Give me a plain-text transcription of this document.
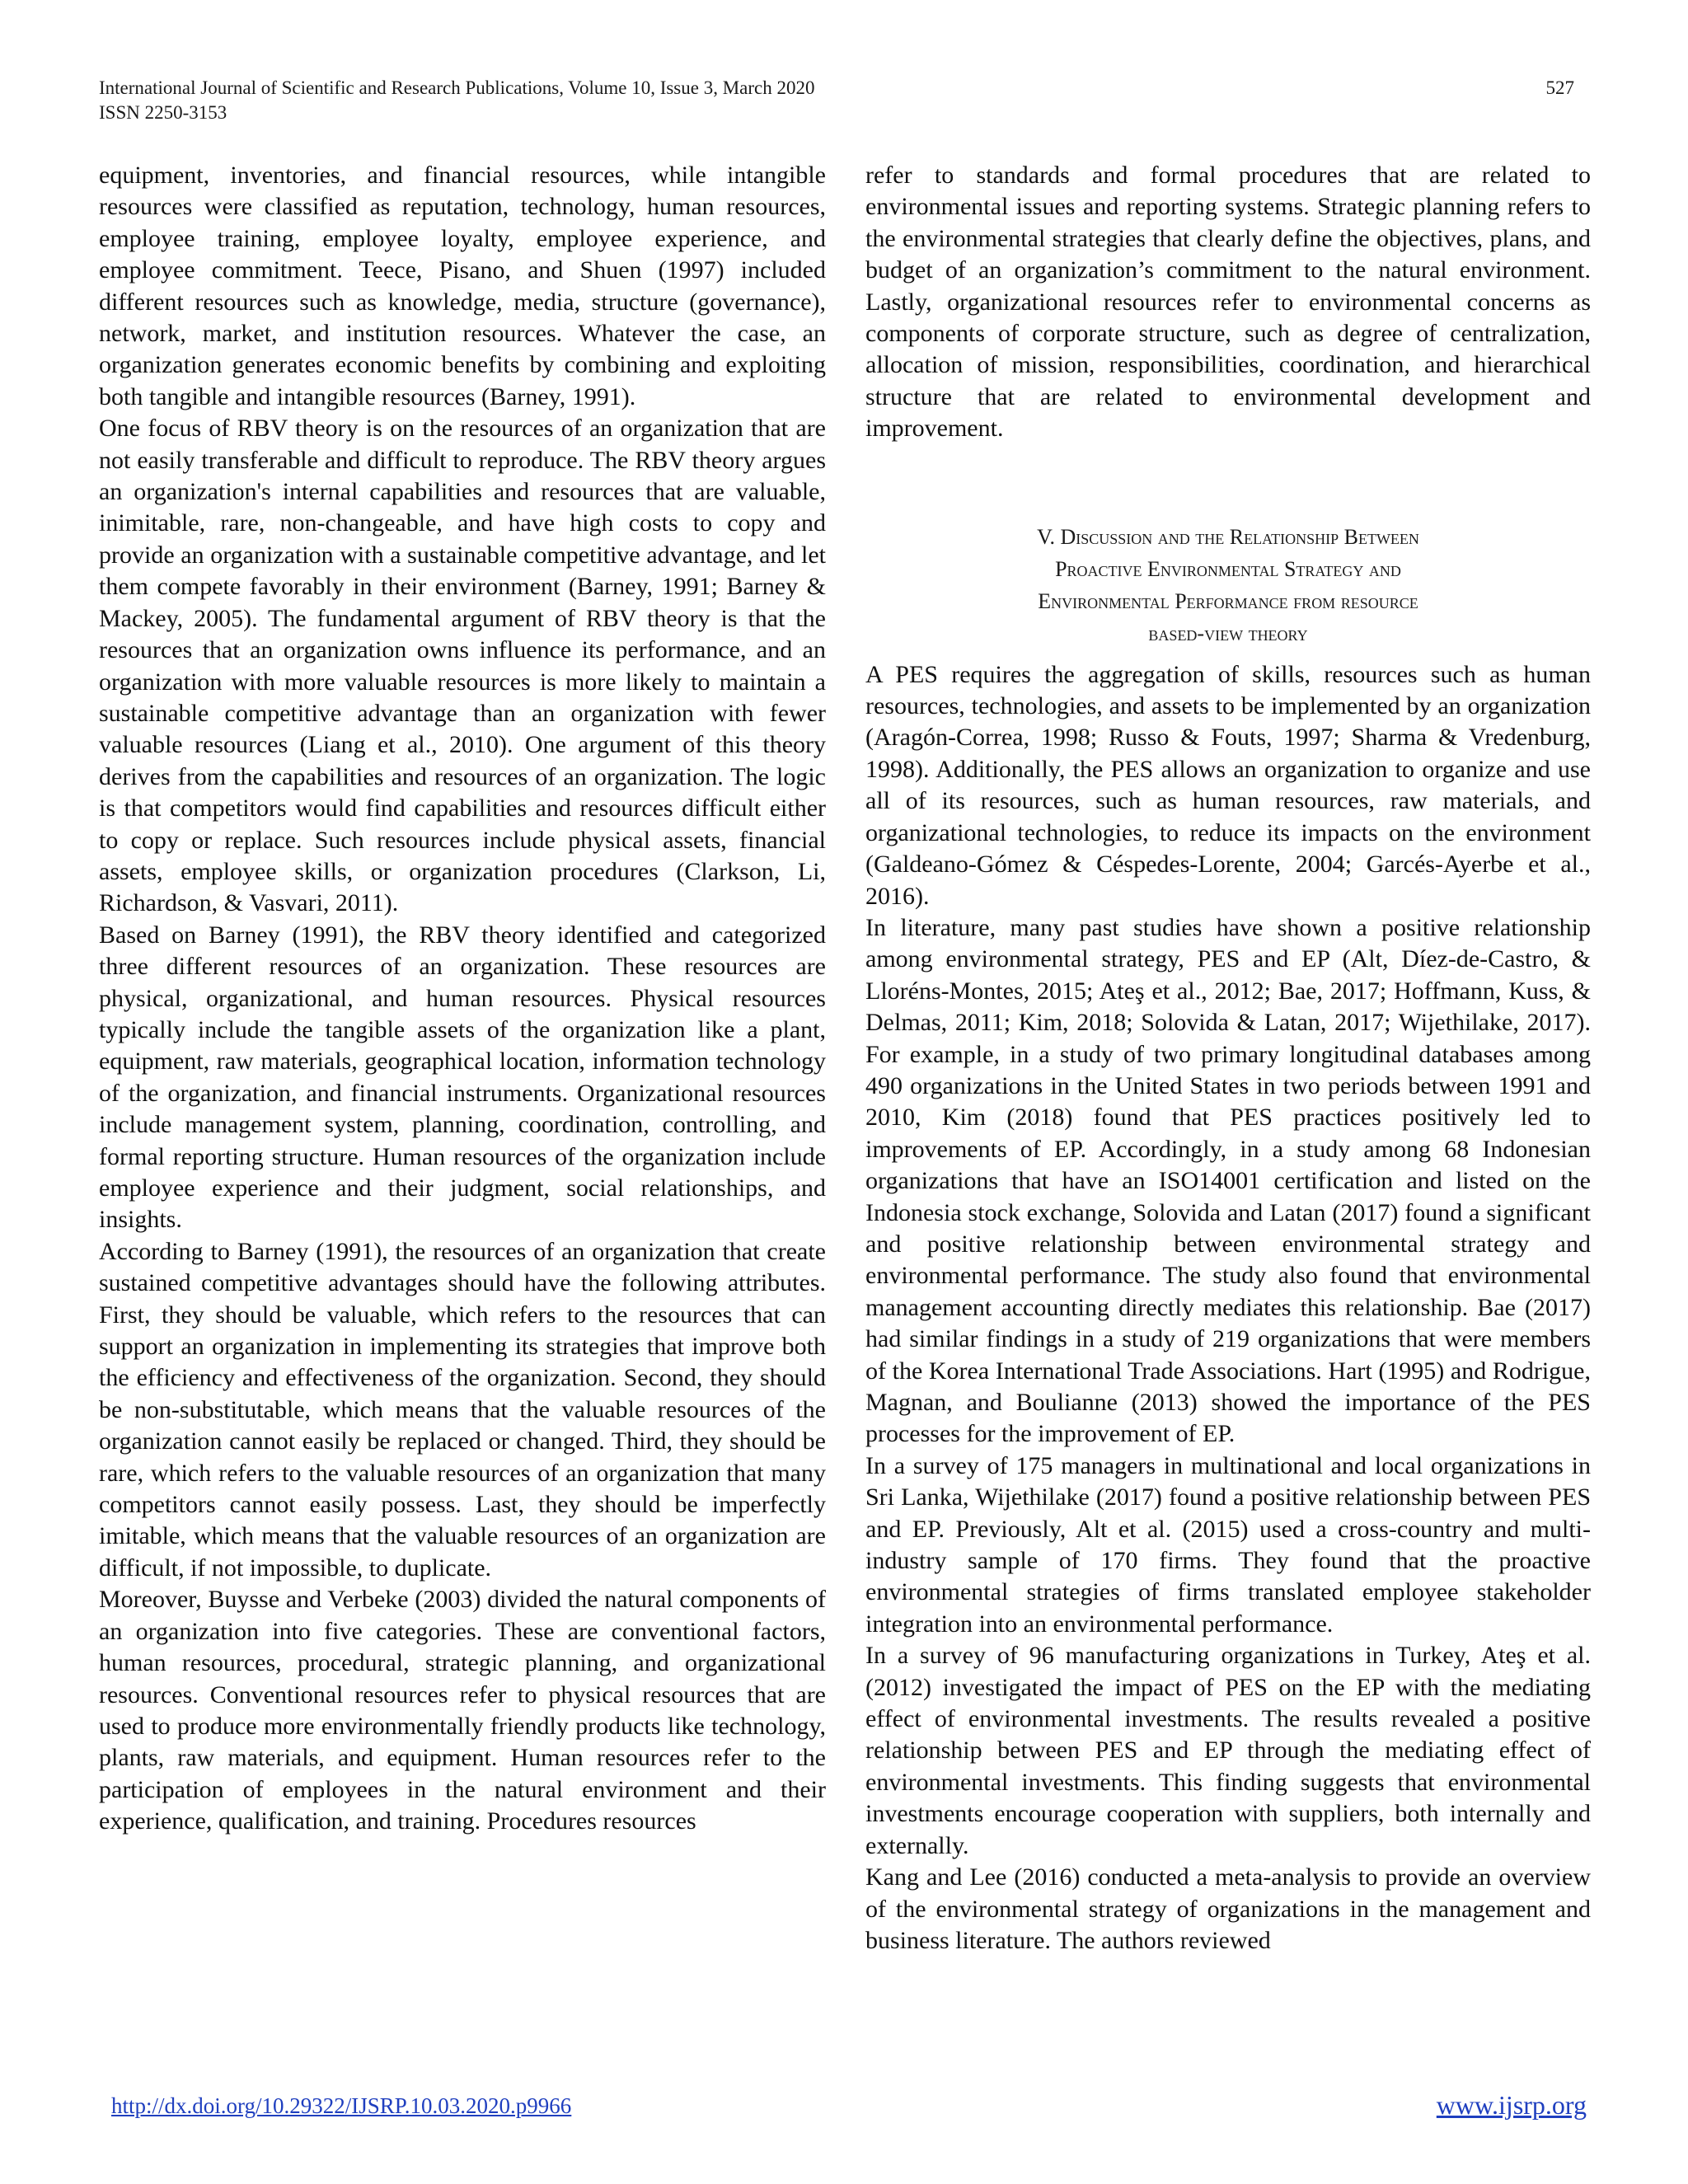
International Journal of Scientific and Research Publications, Volume 10, Issue 3, March 2020
ISSN 2250-3153
527

equipment, inventories, and financial resources, while intangible resources were classified as reputation, technology, human resources, employee training, employee loyalty, employee experience, and employee commitment. Teece, Pisano, and Shuen (1997) included different resources such as knowledge, media, structure (governance), network, market, and institution resources. Whatever the case, an organization generates economic benefits by combining and exploiting both tangible and intangible resources (Barney, 1991).

One focus of RBV theory is on the resources of an organization that are not easily transferable and difficult to reproduce. The RBV theory argues an organization's internal capabilities and resources that are valuable, inimitable, rare, non-changeable, and have high costs to copy and provide an organization with a sustainable competitive advantage, and let them compete favorably in their environment (Barney, 1991; Barney & Mackey, 2005). The fundamental argument of RBV theory is that the resources that an organization owns influence its performance, and an organization with more valuable resources is more likely to maintain a sustainable competitive advantage than an organization with fewer valuable resources (Liang et al., 2010). One argument of this theory derives from the capabilities and resources of an organization. The logic is that competitors would find capabilities and resources difficult either to copy or replace. Such resources include physical assets, financial assets, employee skills, or organization procedures (Clarkson, Li, Richardson, & Vasvari, 2011).

Based on Barney (1991), the RBV theory identified and categorized three different resources of an organization. These resources are physical, organizational, and human resources. Physical resources typically include the tangible assets of the organization like a plant, equipment, raw materials, geographical location, information technology of the organization, and financial instruments. Organizational resources include management system, planning, coordination, controlling, and formal reporting structure. Human resources of the organization include employee experience and their judgment, social relationships, and insights.

According to Barney (1991), the resources of an organization that create sustained competitive advantages should have the following attributes. First, they should be valuable, which refers to the resources that can support an organization in implementing its strategies that improve both the efficiency and effectiveness of the organization. Second, they should be non-substitutable, which means that the valuable resources of the organization cannot easily be replaced or changed. Third, they should be rare, which refers to the valuable resources of an organization that many competitors cannot easily possess. Last, they should be imperfectly imitable, which means that the valuable resources of an organization are difficult, if not impossible, to duplicate.

Moreover, Buysse and Verbeke (2003) divided the natural components of an organization into five categories. These are conventional factors, human resources, procedural, strategic planning, and organizational resources. Conventional resources refer to physical resources that are used to produce more environmentally friendly products like technology, plants, raw materials, and equipment. Human resources refer to the participation of employees in the natural environment and their experience, qualification, and training. Procedures resources

refer to standards and formal procedures that are related to environmental issues and reporting systems. Strategic planning refers to the environmental strategies that clearly define the objectives, plans, and budget of an organization’s commitment to the natural environment. Lastly, organizational resources refer to environmental concerns as components of corporate structure, such as degree of centralization, allocation of mission, responsibilities, coordination, and hierarchical structure that are related to environmental development and improvement.

V. Discussion and the Relationship Between
Proactive Environmental Strategy and
Environmental Performance from resource
based-view theory

A PES requires the aggregation of skills, resources such as human resources, technologies, and assets to be implemented by an organization (Aragón-Correa, 1998; Russo & Fouts, 1997; Sharma & Vredenburg, 1998). Additionally, the PES allows an organization to organize and use all of its resources, such as human resources, raw materials, and organizational technologies, to reduce its impacts on the environment (Galdeano-Gómez & Céspedes-Lorente, 2004; Garcés-Ayerbe et al., 2016).

In literature, many past studies have shown a positive relationship among environmental strategy, PES and EP (Alt, Díez-de-Castro, & Lloréns-Montes, 2015; Ateş et al., 2012; Bae, 2017; Hoffmann, Kuss, & Delmas, 2011; Kim, 2018; Solovida & Latan, 2017; Wijethilake, 2017). For example, in a study of two primary longitudinal databases among 490 organizations in the United States in two periods between 1991 and 2010, Kim (2018) found that PES practices positively led to improvements of EP. Accordingly, in a study among 68 Indonesian organizations that have an ISO14001 certification and listed on the Indonesia stock exchange, Solovida and Latan (2017) found a significant and positive relationship between environmental strategy and environmental performance. The study also found that environmental management accounting directly mediates this relationship. Bae (2017) had similar findings in a study of 219 organizations that were members of the Korea International Trade Associations. Hart (1995) and Rodrigue, Magnan, and Boulianne (2013) showed the importance of the PES processes for the improvement of EP.

In a survey of 175 managers in multinational and local organizations in Sri Lanka, Wijethilake (2017) found a positive relationship between PES and EP. Previously, Alt et al. (2015) used a cross-country and multi-industry sample of 170 firms. They found that the proactive environmental strategies of firms translated employee stakeholder integration into an environmental performance.

In a survey of 96 manufacturing organizations in Turkey, Ateş et al. (2012) investigated the impact of PES on the EP with the mediating effect of environmental investments. The results revealed a positive relationship between PES and EP through the mediating effect of environmental investments. This finding suggests that environmental investments encourage cooperation with suppliers, both internally and externally.

Kang and Lee (2016) conducted a meta-analysis to provide an overview of the environmental strategy of organizations in the management and business literature. The authors reviewed

http://dx.doi.org/10.29322/IJSRP.10.03.2020.p9966	www.ijsrp.org
